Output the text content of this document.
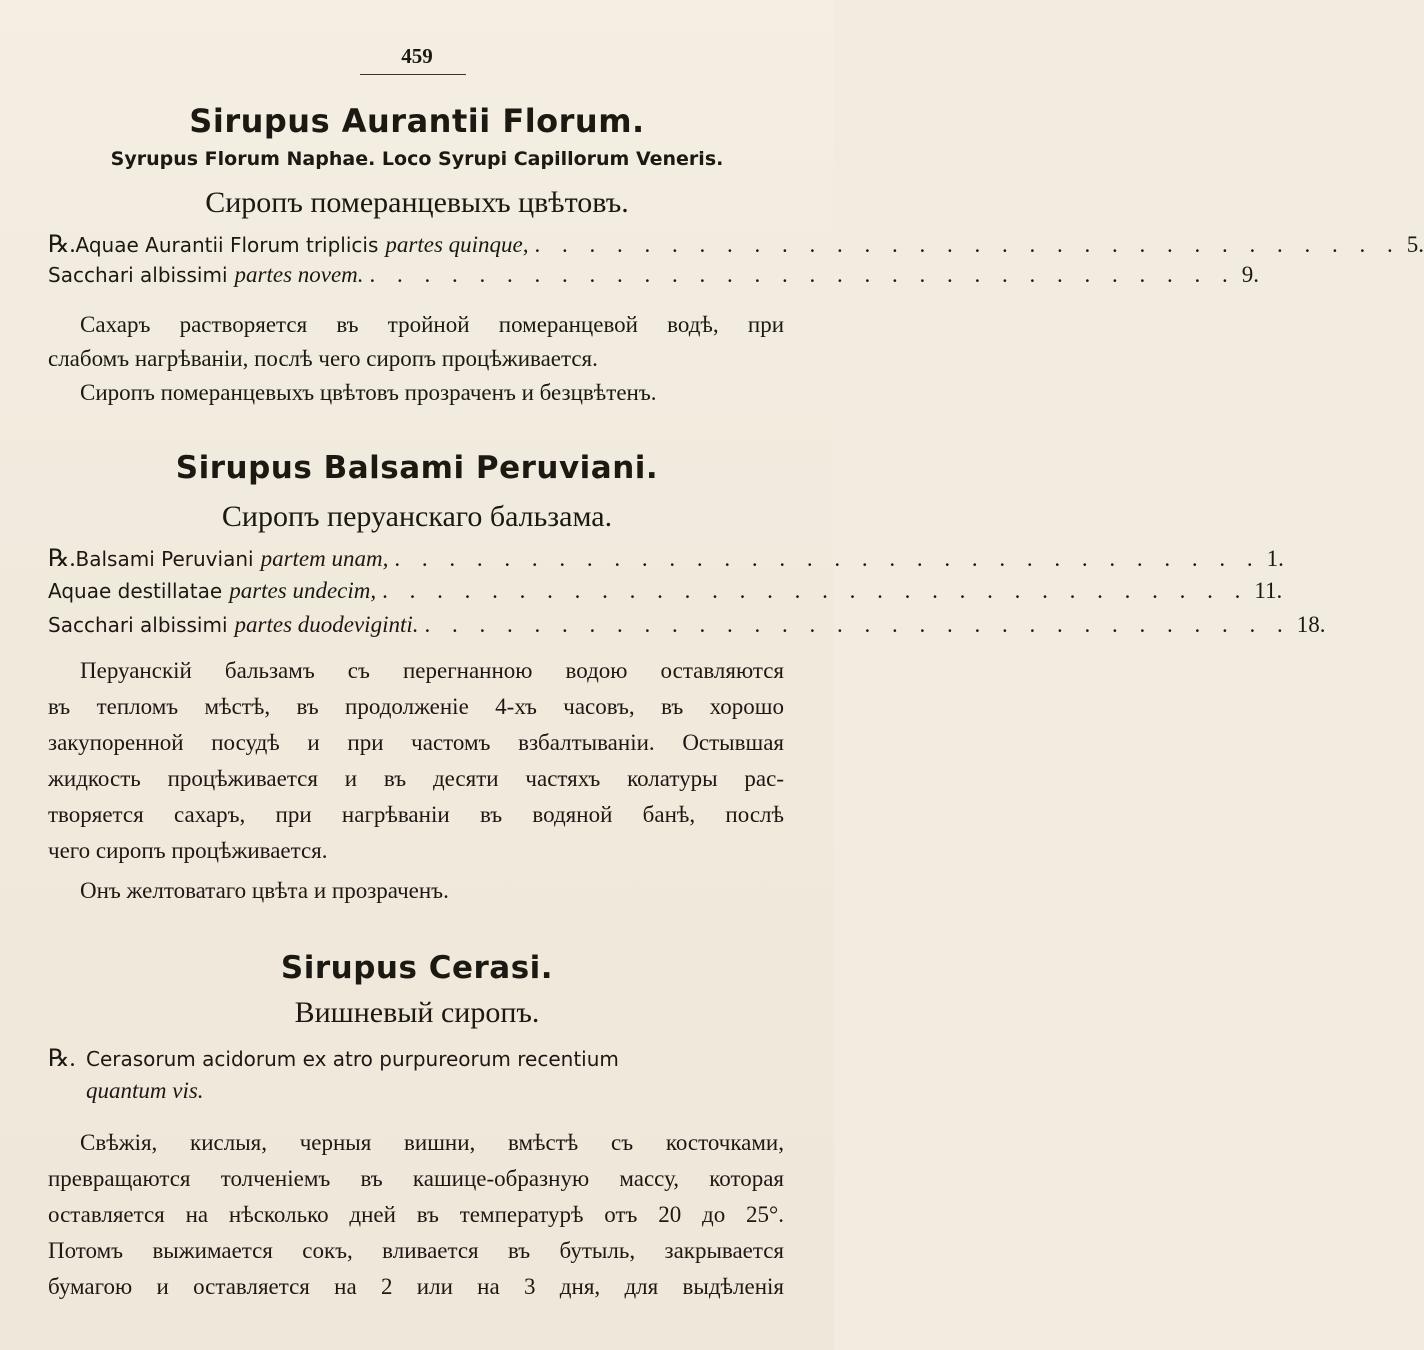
459
Sirupus Aurantii Florum.
Syrupus Florum Naphae. Loco Syrupi Capillorum Veneris.
Сиропъ померанцевыхъ цвѣтовъ.
℞. Aquae Aurantii Florum triplicis partes quinque, . . . . . . . . . . . . . . . . . . . . . . . . . . . . . . . . 5.
Sacchari albissimi partes novem. . . . . . . . . . . . . . . . . . . . . . . . . . . . . . . . . 9.

Сахаръ растворяется въ тройной померанцевой водѣ, при

слабомъ нагрѣваніи, послѣ чего сиропъ процѣживается.

Сиропъ померанцевыхъ цвѣтовъ прозраченъ и безцвѣтенъ.

Sirupus Balsami Peruviani.
Сиропъ перуанскаго бальзама.
℞. Balsami Peruviani partem unam, . . . . . . . . . . . . . . . . . . . . . . . . . . . . . . . . 1.
Aquae destillatae partes undecim, . . . . . . . . . . . . . . . . . . . . . . . . . . . . . . . . 11.
Sacchari albissimi partes duodeviginti. . . . . . . . . . . . . . . . . . . . . . . . . . . . . . . . . 18.

Перуанскій бальзамъ съ перегнанною водою оставляются

въ тепломъ мѣстѣ, въ продолженіе 4-хъ часовъ, въ хорошо

закупоренной посудѣ и при частомъ взбалтываніи. Остывшая

жидкость процѣживается и въ десяти частяхъ колатуры рас-

творяется сахаръ, при нагрѣваніи въ водяной банѣ, послѣ

чего сиропъ процѣживается.

Онъ желтоватаго цвѣта и прозраченъ.

Sirupus Cerasi.
Вишневый сиропъ.
℞. Cerasorum acidorum ex atro purpureorum recentium
quantum vis.

Свѣжія, кислыя, черныя вишни, вмѣстѣ съ косточками,

превращаются толченіемъ въ кашице-образную массу, которая

оставляется на нѣсколько дней въ температурѣ отъ 20 до 25°.

Потомъ выжимается сокъ, вливается въ бутыль, закрывается

бумагою и оставляется на 2 или на 3 дня, для выдѣленія
